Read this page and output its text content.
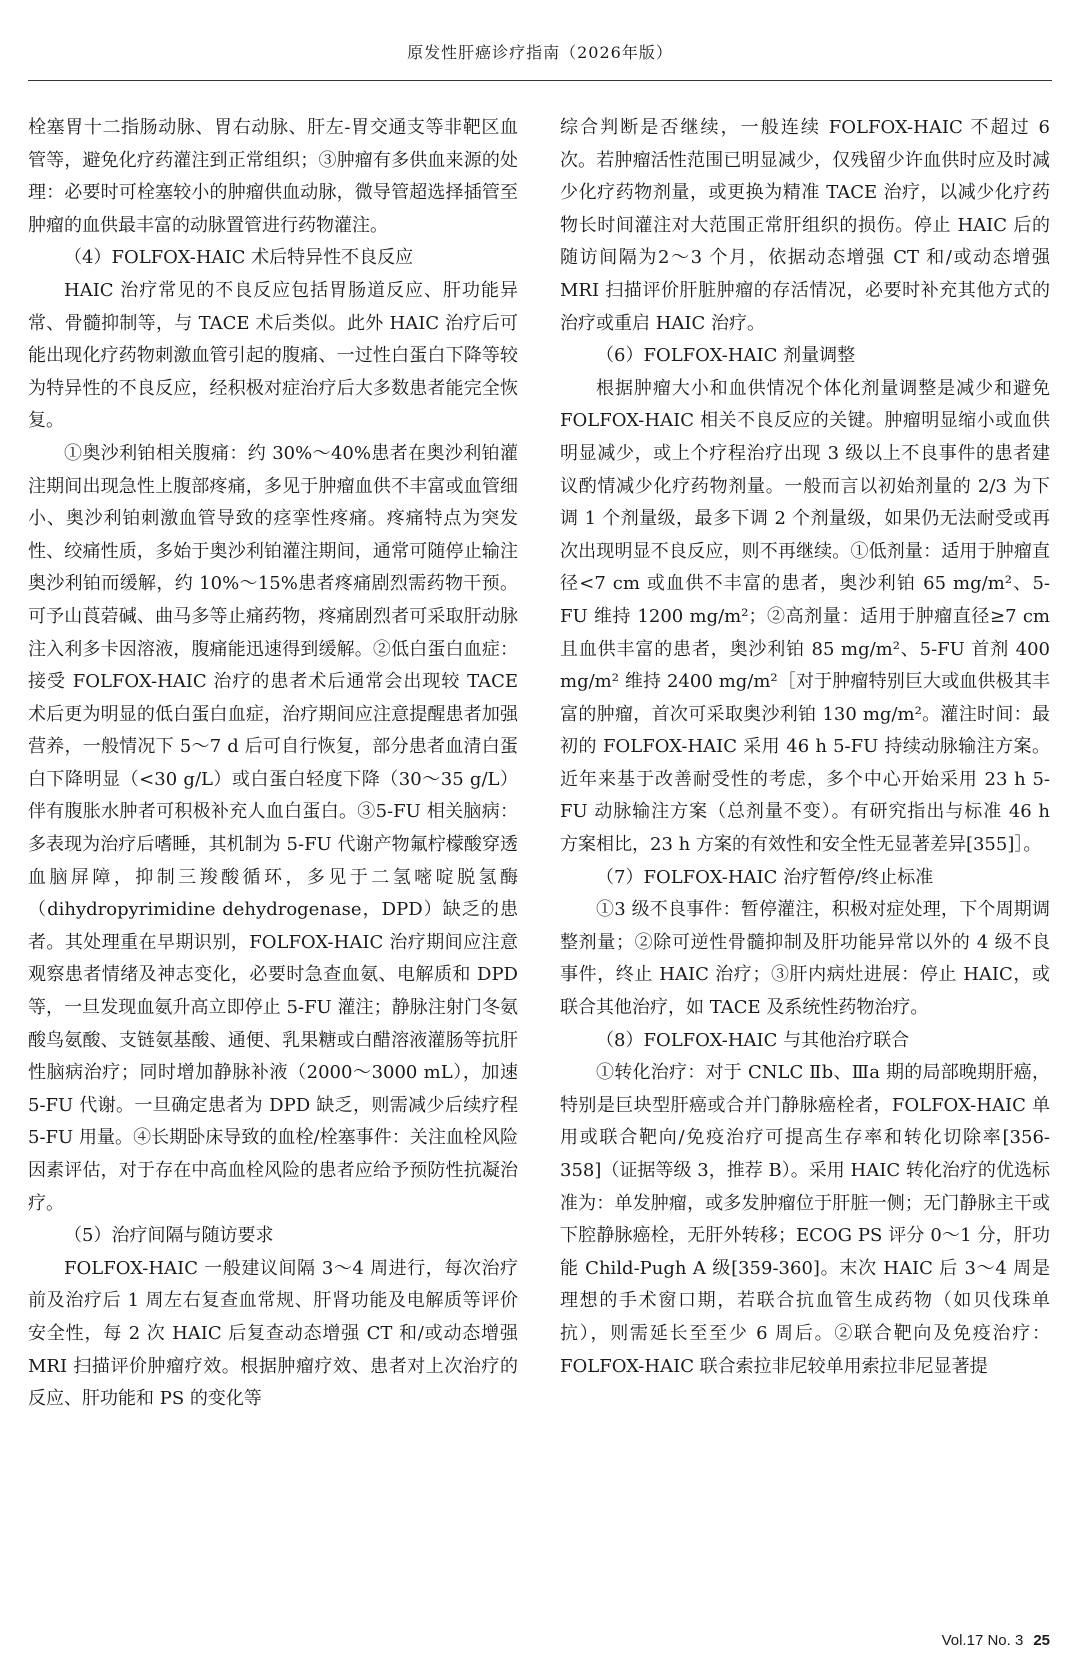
原发性肝癌诊疗指南（2026年版）

栓塞胃十二指肠动脉、胃右动脉、肝左-胃交通支等非靶区血管等，避免化疗药灌注到正常组织；③肿瘤有多供血来源的处理：必要时可栓塞较小的肿瘤供血动脉，微导管超选择插管至肿瘤的血供最丰富的动脉置管进行药物灌注。

（4）FOLFOX-HAIC 术后特异性不良反应

HAIC 治疗常见的不良反应包括胃肠道反应、肝功能异常、骨髓抑制等，与 TACE 术后类似。此外 HAIC 治疗后可能出现化疗药物刺激血管引起的腹痛、一过性白蛋白下降等较为特异性的不良反应，经积极对症治疗后大多数患者能完全恢复。

①奥沙利铂相关腹痛：约 30%～40%患者在奥沙利铂灌注期间出现急性上腹部疼痛，多见于肿瘤血供不丰富或血管细小、奥沙利铂刺激血管导致的痉挛性疼痛。疼痛特点为突发性、绞痛性质，多始于奥沙利铂灌注期间，通常可随停止输注奥沙利铂而缓解，约 10%～15%患者疼痛剧烈需药物干预。可予山莨菪碱、曲马多等止痛药物，疼痛剧烈者可采取肝动脉注入利多卡因溶液，腹痛能迅速得到缓解。②低白蛋白血症：接受 FOLFOX-HAIC 治疗的患者术后通常会出现较 TACE 术后更为明显的低白蛋白血症，治疗期间应注意提醒患者加强营养，一般情况下 5～7 d 后可自行恢复，部分患者血清白蛋白下降明显（<30 g/L）或白蛋白轻度下降（30～35 g/L）伴有腹胀水肿者可积极补充人血白蛋白。③5-FU 相关脑病：多表现为治疗后嗜睡，其机制为 5-FU 代谢产物氟柠檬酸穿透血脑屏障，抑制三羧酸循环，多见于二氢嘧啶脱氢酶（dihydropyrimidine dehydrogenase，DPD）缺乏的患者。其处理重在早期识别，FOLFOX-HAIC 治疗期间应注意观察患者情绪及神志变化，必要时急查血氨、电解质和 DPD 等，一旦发现血氨升高立即停止 5-FU 灌注；静脉注射门冬氨酸鸟氨酸、支链氨基酸、通便、乳果糖或白醋溶液灌肠等抗肝性脑病治疗；同时增加静脉补液（2000～3000 mL），加速 5-FU 代谢。一旦确定患者为 DPD 缺乏，则需减少后续疗程 5-FU 用量。④长期卧床导致的血栓/栓塞事件：关注血栓风险因素评估，对于存在中高血栓风险的患者应给予预防性抗凝治疗。

（5）治疗间隔与随访要求

FOLFOX-HAIC 一般建议间隔 3～4 周进行，每次治疗前及治疗后 1 周左右复查血常规、肝肾功能及电解质等评价安全性，每 2 次 HAIC 后复查动态增强 CT 和/或动态增强 MRI 扫描评价肿瘤疗效。根据肿瘤疗效、患者对上次治疗的反应、肝功能和 PS 的变化等

综合判断是否继续，一般连续 FOLFOX-HAIC 不超过 6 次。若肿瘤活性范围已明显减少，仅残留少许血供时应及时减少化疗药物剂量，或更换为精准 TACE 治疗，以减少化疗药物长时间灌注对大范围正常肝组织的损伤。停止 HAIC 后的随访间隔为2～3 个月，依据动态增强 CT 和/或动态增强 MRI 扫描评价肝脏肿瘤的存活情况，必要时补充其他方式的治疗或重启 HAIC 治疗。

（6）FOLFOX-HAIC 剂量调整

根据肿瘤大小和血供情况个体化剂量调整是减少和避免 FOLFOX-HAIC 相关不良反应的关键。肿瘤明显缩小或血供明显减少，或上个疗程治疗出现 3 级以上不良事件的患者建议酌情减少化疗药物剂量。一般而言以初始剂量的 2/3 为下调 1 个剂量级，最多下调 2 个剂量级，如果仍无法耐受或再次出现明显不良反应，则不再继续。①低剂量：适用于肿瘤直径<7 cm 或血供不丰富的患者，奥沙利铂 65 mg/m²、5-FU 维持 1200 mg/m²；②高剂量：适用于肿瘤直径≥7 cm 且血供丰富的患者，奥沙利铂 85 mg/m²、5-FU 首剂 400 mg/m² 维持 2400 mg/m²［对于肿瘤特别巨大或血供极其丰富的肿瘤，首次可采取奥沙利铂 130 mg/m²。灌注时间：最初的 FOLFOX-HAIC 采用 46 h 5-FU 持续动脉输注方案。近年来基于改善耐受性的考虑，多个中心开始采用 23 h 5-FU 动脉输注方案（总剂量不变）。有研究指出与标准 46 h 方案相比，23 h 方案的有效性和安全性无显著差异[355]］。

（7）FOLFOX-HAIC 治疗暂停/终止标准

①3 级不良事件：暂停灌注，积极对症处理，下个周期调整剂量；②除可逆性骨髓抑制及肝功能异常以外的 4 级不良事件，终止 HAIC 治疗；③肝内病灶进展：停止 HAIC，或联合其他治疗，如 TACE 及系统性药物治疗。

（8）FOLFOX-HAIC 与其他治疗联合

①转化治疗：对于 CNLC Ⅱb、Ⅲa 期的局部晚期肝癌，特别是巨块型肝癌或合并门静脉癌栓者，FOLFOX-HAIC 单用或联合靶向/免疫治疗可提高生存率和转化切除率[356-358]（证据等级 3，推荐 B）。采用 HAIC 转化治疗的优选标准为：单发肿瘤，或多发肿瘤位于肝脏一侧；无门静脉主干或下腔静脉癌栓，无肝外转移；ECOG PS 评分 0～1 分，肝功能 Child-Pugh A 级[359-360]。末次 HAIC 后 3～4 周是理想的手术窗口期，若联合抗血管生成药物（如贝伐珠单抗），则需延长至至少 6 周后。②联合靶向及免疫治疗：FOLFOX-HAIC 联合索拉非尼较单用索拉非尼显著提

Vol.17 No. 3 25
